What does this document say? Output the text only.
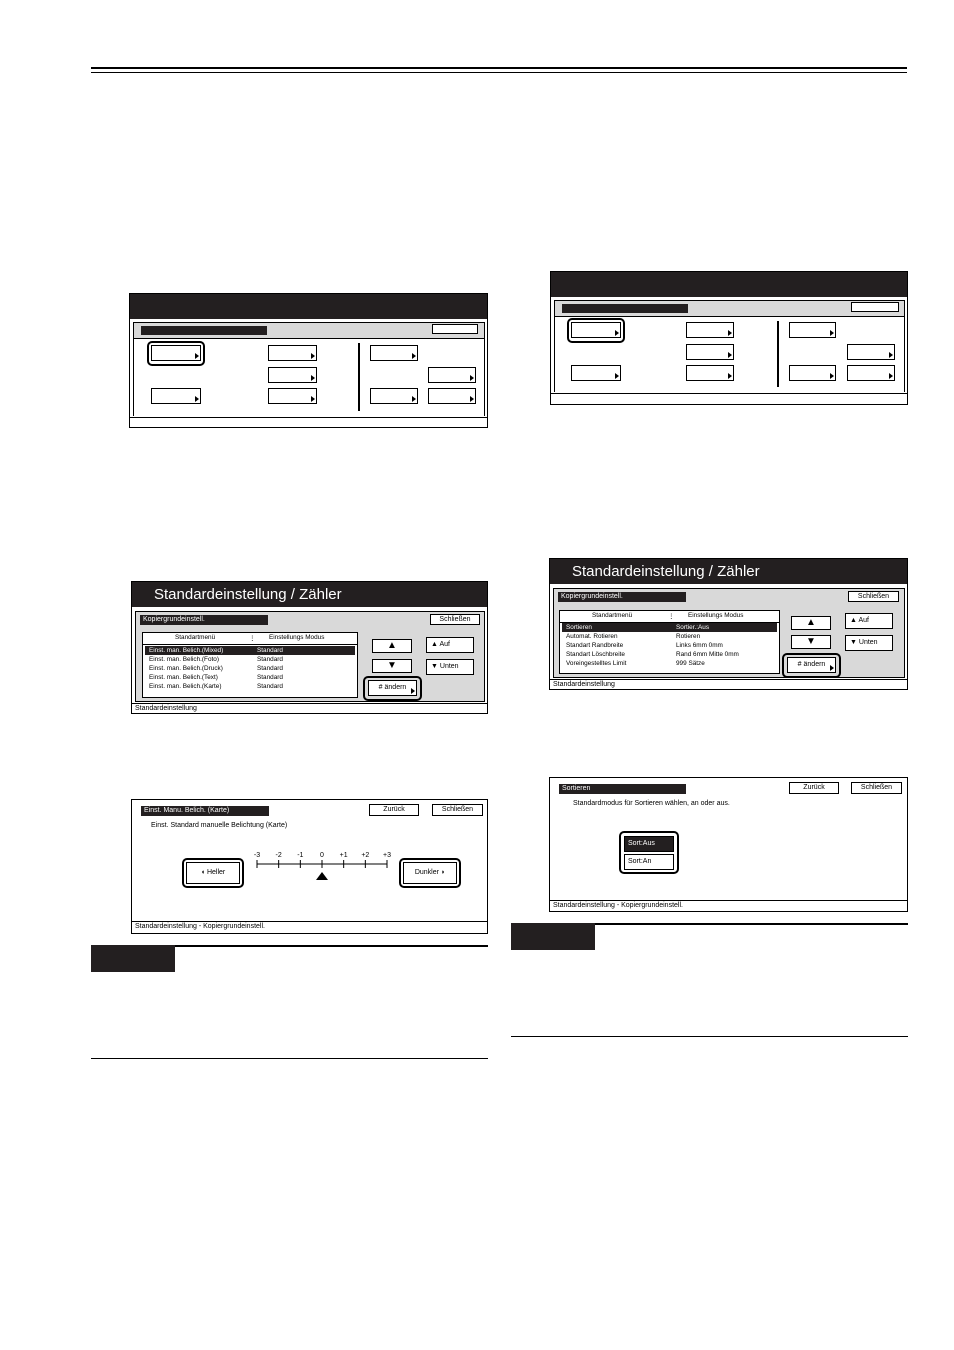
Standardeinstellung / Zähler
Kopiergrundeinstell.	Schließen
Standartmenü	⋮ Einstellungs Modus
Einst. man. Belich.(Mixed)	Standard
Einst. man. Belich.(Foto)	Standard
Einst. man. Belich.(Druck)	Standard
Einst. man. Belich.(Text)	Standard
Einst. man. Belich.(Karte)	Standard
▲
▼
▲ Auf
▼ Unten
# ändern
Standardeinstellung
Standardeinstellung / Zähler
Kopiergrundeinstell.	Schließen
Standartmenü	⋮ Einstellungs Modus
Sortieren	Sortier.:Aus
Automat. Rotieren	Rotieren
Standart Randbreite	Links 6mm 0mm
Standart Löschbreite	Rand 6mm Mitte 0mm
Voreingestelltes Limit	999 Sätze
▲
▼
▲ Auf
▼ Unten
# ändern
Standardeinstellung
Einst. Manu. Belich. (Karte)	Zurück	Schließen
Einst. Standard manuelle Belichtung (Karte)
◖ Heller
-3 -2 -1 0 +1 +2 +3
Dunkler ◗
Standardeinstellung - Kopiergrundeinstell.
Sortieren	Zurück	Schließen
Standardmodus für Sortieren wählen, an oder aus.
Sort:Aus
Sort:An
Standardeinstellung - Kopiergrundeinstell.
